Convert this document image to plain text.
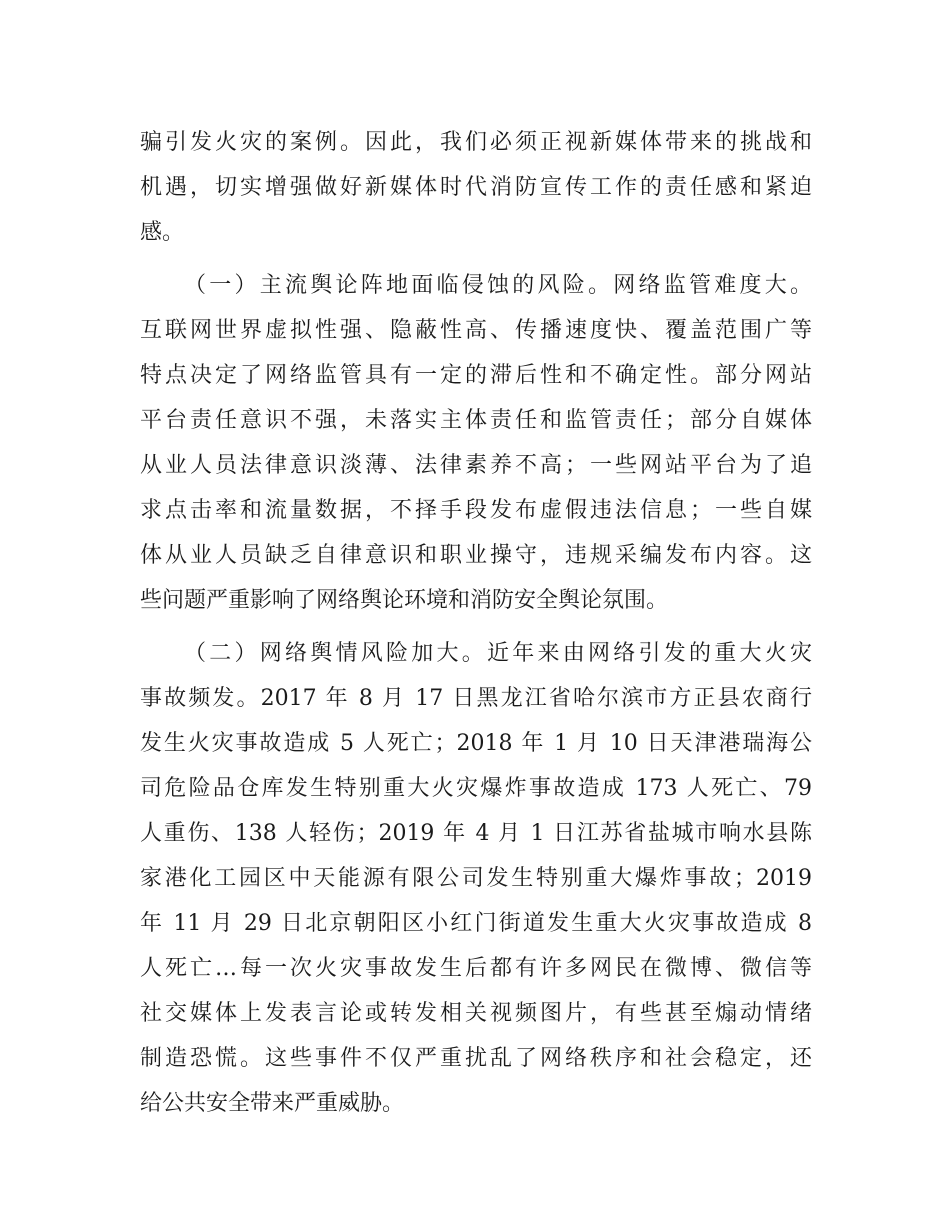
骗引发火灾的案例。因此，我们必须正视新媒体带来的挑战和
机遇，切实增强做好新媒体时代消防宣传工作的责任感和紧迫
感。
（一）主流舆论阵地面临侵蚀的风险。网络监管难度大。
互联网世界虚拟性强、隐蔽性高、传播速度快、覆盖范围广等
特点决定了网络监管具有一定的滞后性和不确定性。部分网站
平台责任意识不强，未落实主体责任和监管责任；部分自媒体
从业人员法律意识淡薄、法律素养不高；一些网站平台为了追
求点击率和流量数据，不择手段发布虚假违法信息；一些自媒
体从业人员缺乏自律意识和职业操守，违规采编发布内容。这
些问题严重影响了网络舆论环境和消防安全舆论氛围。
（二）网络舆情风险加大。近年来由网络引发的重大火灾
事故频发。2017 年 8 月 17 日黑龙江省哈尔滨市方正县农商行
发生火灾事故造成 5 人死亡；2018 年 1 月 10 日天津港瑞海公
司危险品仓库发生特别重大火灾爆炸事故造成 173 人死亡、79
人重伤、138 人轻伤；2019 年 4 月 1 日江苏省盐城市响水县陈
家港化工园区中天能源有限公司发生特别重大爆炸事故；2019
年 11 月 29 日北京朝阳区小红门街道发生重大火灾事故造成 8
人死亡…每一次火灾事故发生后都有许多网民在微博、微信等
社交媒体上发表言论或转发相关视频图片，有些甚至煽动情绪
制造恐慌。这些事件不仅严重扰乱了网络秩序和社会稳定，还
给公共安全带来严重威胁。
